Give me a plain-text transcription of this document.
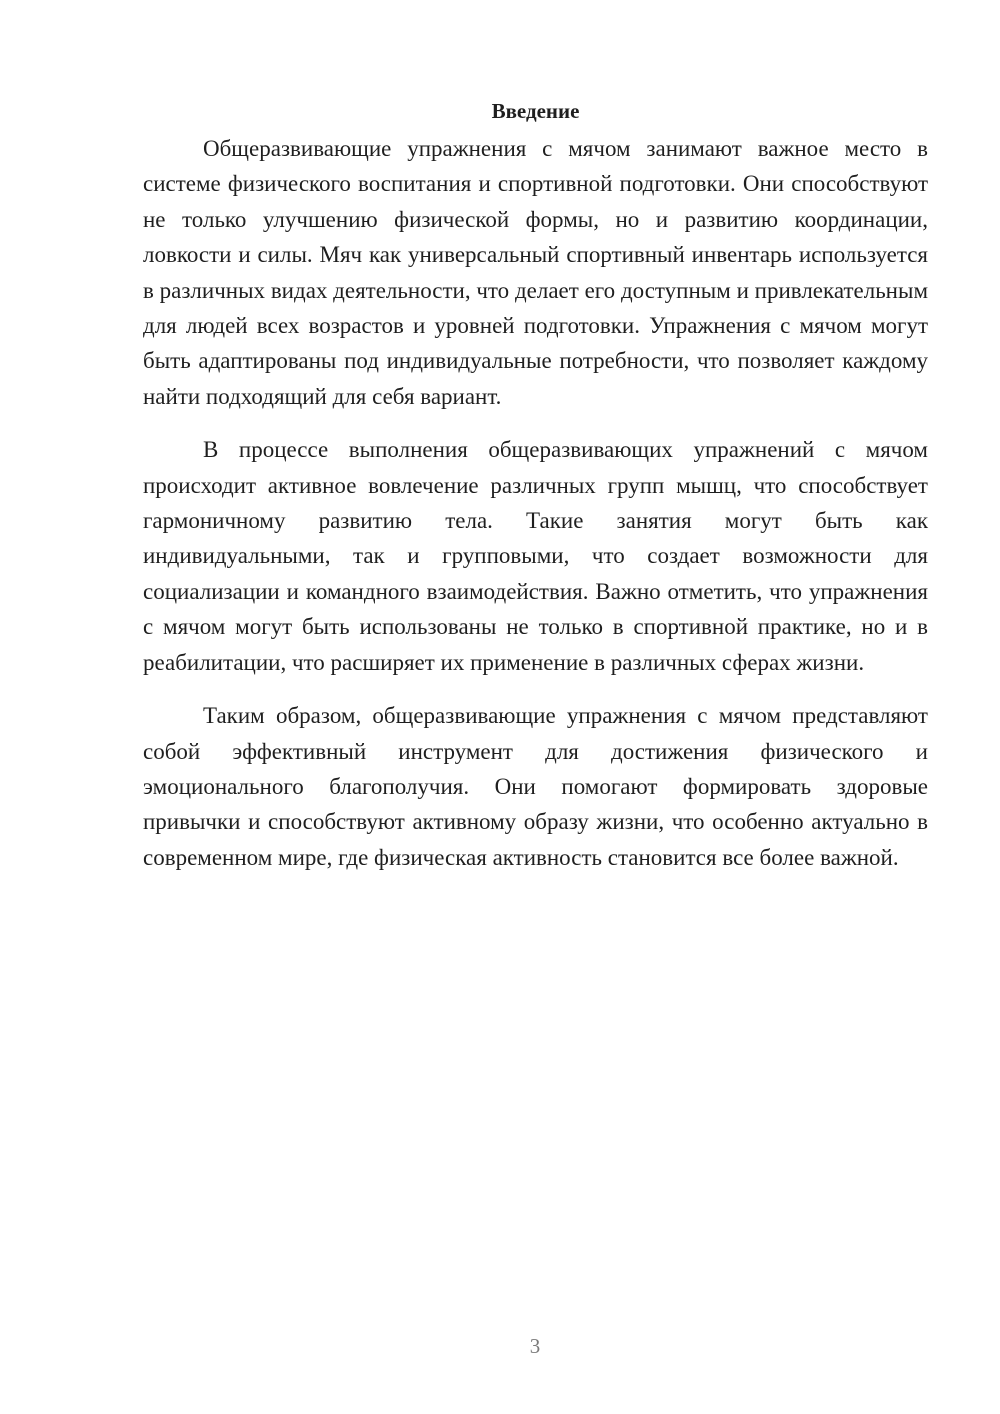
Введение

Общеразвивающие упражнения с мячом занимают важное место в системе физического воспитания и спортивной подготовки. Они способствуют не только улучшению физической формы, но и развитию координации, ловкости и силы. Мяч как универсальный спортивный инвентарь используется в различных видах деятельности, что делает его доступным и привлекательным для людей всех возрастов и уровней подготовки. Упражнения с мячом могут быть адаптированы под индивидуальные потребности, что позволяет каждому найти подходящий для себя вариант.

В процессе выполнения общеразвивающих упражнений с мячом происходит активное вовлечение различных групп мышц, что способствует гармоничному развитию тела. Такие занятия могут быть как индивидуальными, так и групповыми, что создает возможности для социализации и командного взаимодействия. Важно отметить, что упражнения с мячом могут быть использованы не только в спортивной практике, но и в реабилитации, что расширяет их применение в различных сферах жизни.

Таким образом, общеразвивающие упражнения с мячом представляют собой эффективный инструмент для достижения физического и эмоционального благополучия. Они помогают формировать здоровые привычки и способствуют активному образу жизни, что особенно актуально в современном мире, где физическая активность становится все более важной.

3
